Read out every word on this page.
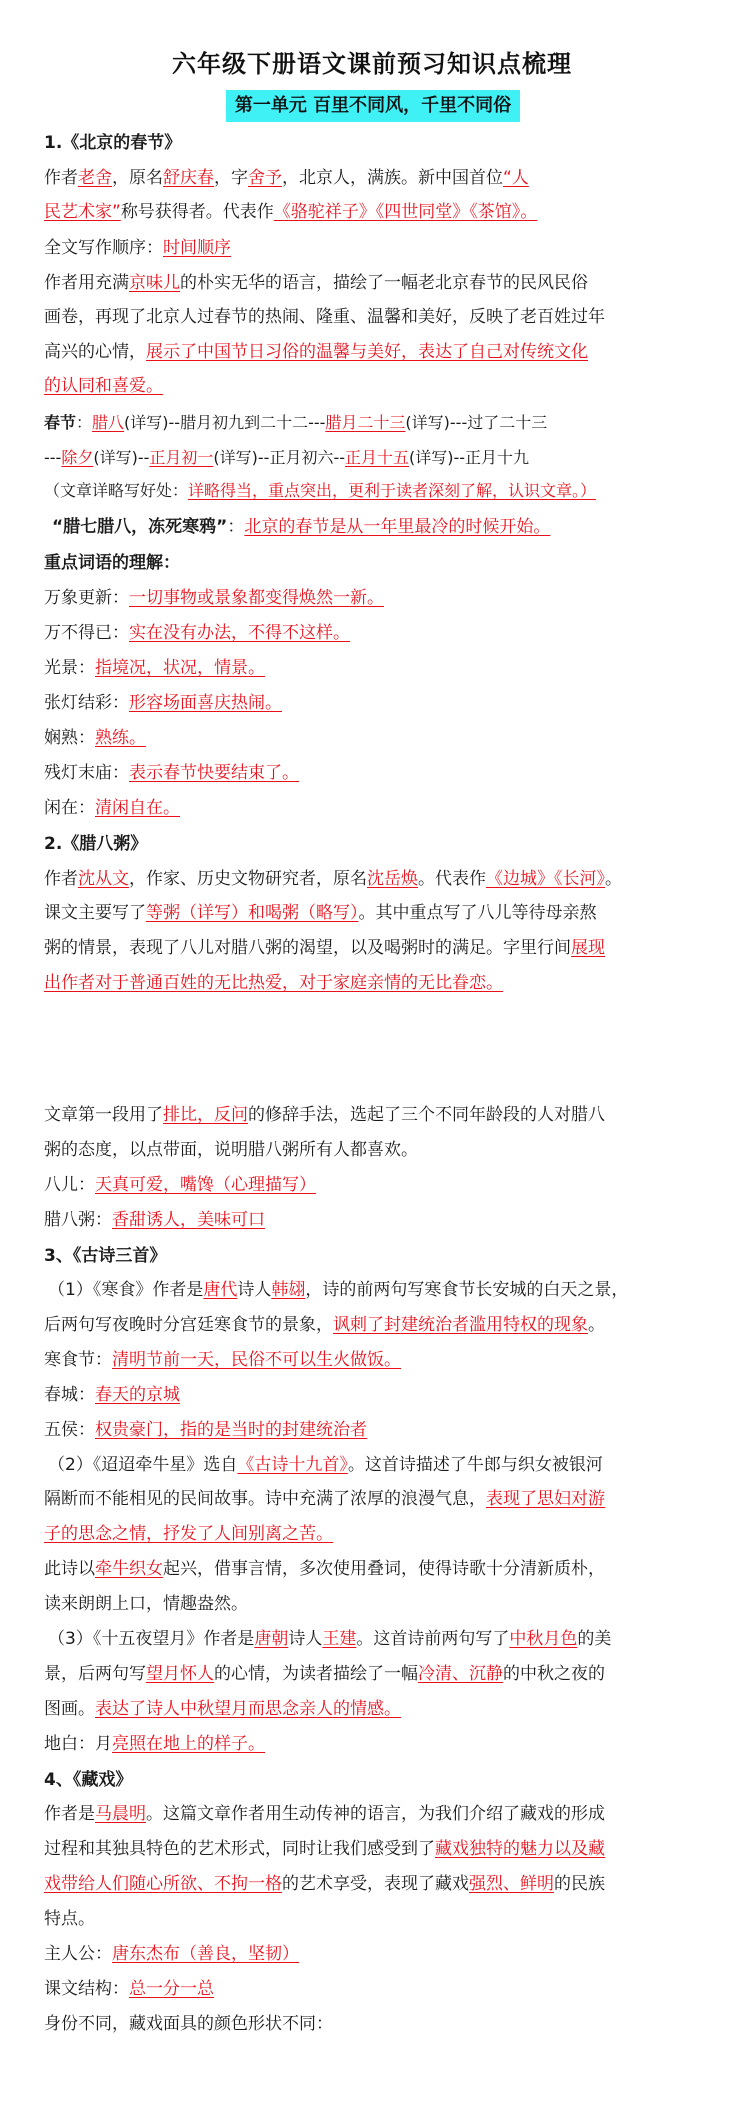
六年级下册语文课前预习知识点梳理
第一单元 百里不同风，千里不同俗
1.《北京的春节》
作者老舍，原名舒庆春，字舍予，北京人，满族。新中国首位“人
民艺术家”称号获得者。代表作《骆驼祥子》《四世同堂》《茶馆》。
全文写作顺序：时间顺序
作者用充满京味儿的朴实无华的语言，描绘了一幅老北京春节的民风民俗
画卷，再现了北京人过春节的热闹、隆重、温馨和美好，反映了老百姓过年
高兴的心情，展示了中国节日习俗的温馨与美好，表达了自己对传统文化
的认同和喜爱。
春节：腊八(详写)--腊月初九到二十二---腊月二十三(详写)---过了二十三
---除夕(详写)--正月初一(详写)--正月初六--正月十五(详写)--正月十九
（文章详略写好处：详略得当，重点突出，更利于读者深刻了解，认识文章。）
“腊七腊八，冻死寒鸦”：北京的春节是从一年里最冷的时候开始。
重点词语的理解：
万象更新：一切事物或景象都变得焕然一新。
万不得已：实在没有办法，不得不这样。
光景：指境况，状况，情景。
张灯结彩：形容场面喜庆热闹。
娴熟：熟练。
残灯末庙：表示春节快要结束了。
闲在：清闲自在。
2.《腊八粥》
作者沈从文，作家、历史文物研究者，原名沈岳焕。代表作《边城》《长河》。
课文主要写了等粥（详写）和喝粥（略写）。其中重点写了八儿等待母亲熬
粥的情景，表现了八儿对腊八粥的渴望，以及喝粥时的满足。字里行间展现
出作者对于普通百姓的无比热爱，对于家庭亲情的无比眷恋。
文章第一段用了排比，反问的修辞手法，选起了三个不同年龄段的人对腊八
粥的态度，以点带面，说明腊八粥所有人都喜欢。
八儿：天真可爱，嘴馋（心理描写）
腊八粥：香甜诱人，美味可口
3、《古诗三首》
（1）《寒食》作者是唐代诗人韩翃，诗的前两句写寒食节长安城的白天之景，
后两句写夜晚时分宫廷寒食节的景象，讽刺了封建统治者滥用特权的现象。
寒食节：清明节前一天，民俗不可以生火做饭。
春城：春天的京城
五侯：权贵豪门，指的是当时的封建统治者
（2）《迢迢牵牛星》选自《古诗十九首》。这首诗描述了牛郎与织女被银河
隔断而不能相见的民间故事。诗中充满了浓厚的浪漫气息，表现了思妇对游
子的思念之情，抒发了人间别离之苦。
此诗以牵牛织女起兴，借事言情，多次使用叠词，使得诗歌十分清新质朴，
读来朗朗上口，情趣盎然。
（3）《十五夜望月》作者是唐朝诗人王建。这首诗前两句写了中秋月色的美
景，后两句写望月怀人的心情，为读者描绘了一幅冷清、沉静的中秋之夜的
图画。表达了诗人中秋望月而思念亲人的情感。
地白：月亮照在地上的样子。
4、《藏戏》
作者是马晨明。这篇文章作者用生动传神的语言，为我们介绍了藏戏的形成
过程和其独具特色的艺术形式，同时让我们感受到了藏戏独特的魅力以及藏
戏带给人们随心所欲、不拘一格的艺术享受，表现了藏戏强烈、鲜明的民族
特点。
主人公：唐东杰布（善良，坚韧）
课文结构：总一分一总
身份不同，藏戏面具的颜色形状不同：
